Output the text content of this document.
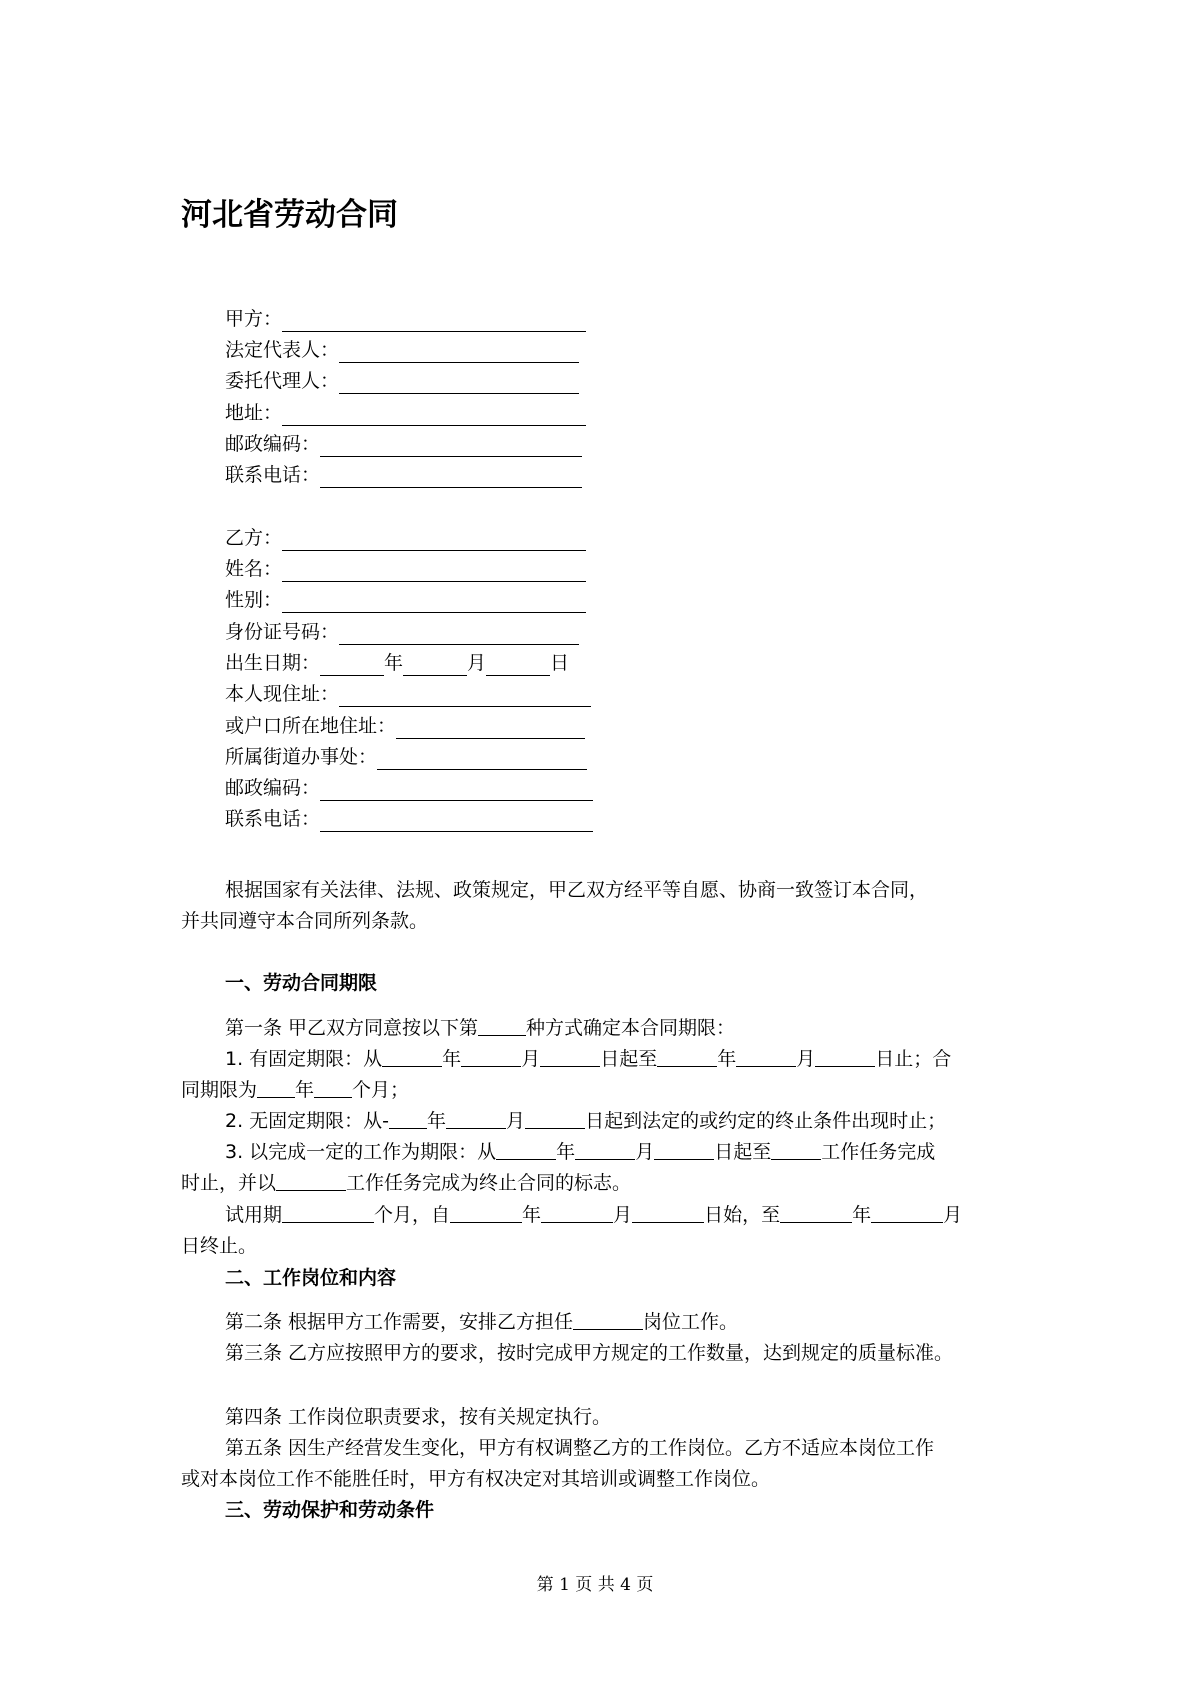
河北省劳动合同
甲方：
法定代表人：
委托代理人：
地址：
邮政编码：
联系电话：
乙方：
姓名：
性别：
身份证号码：
出生日期：	年	月	日
本人现住址：
或户口所在地住址：
所属街道办事处：
邮政编码：
联系电话：
根据国家有关法律、法规、政策规定，甲乙双方经平等自愿、协商一致签订本合同，
并共同遵守本合同所列条款。
一、劳动合同期限
第一条 甲乙双方同意按以下第	种方式确定本合同期限：
1. 有固定期限：从	年	月	日起至	年	月	日止；合
同期限为 年 个月；
2. 无固定期限：从- 年	月	日起到法定的或约定的终止条件出现时止；
3. 以完成一定的工作为期限：从	年	月	日起至	工作任务完成
时止，并以	工作任务完成为终止合同的标志。
试用期	个月，自	年	月	日始，至	年	月
日终止。
二、工作岗位和内容
第二条 根据甲方工作需要，安排乙方担任	岗位工作。
第三条 乙方应按照甲方的要求，按时完成甲方规定的工作数量，达到规定的质量标准。
第四条 工作岗位职责要求，按有关规定执行。
第五条 因生产经营发生变化，甲方有权调整乙方的工作岗位。乙方不适应本岗位工作
或对本岗位工作不能胜任时，甲方有权决定对其培训或调整工作岗位。
三、劳动保护和劳动条件
第 1 页 共 4 页
